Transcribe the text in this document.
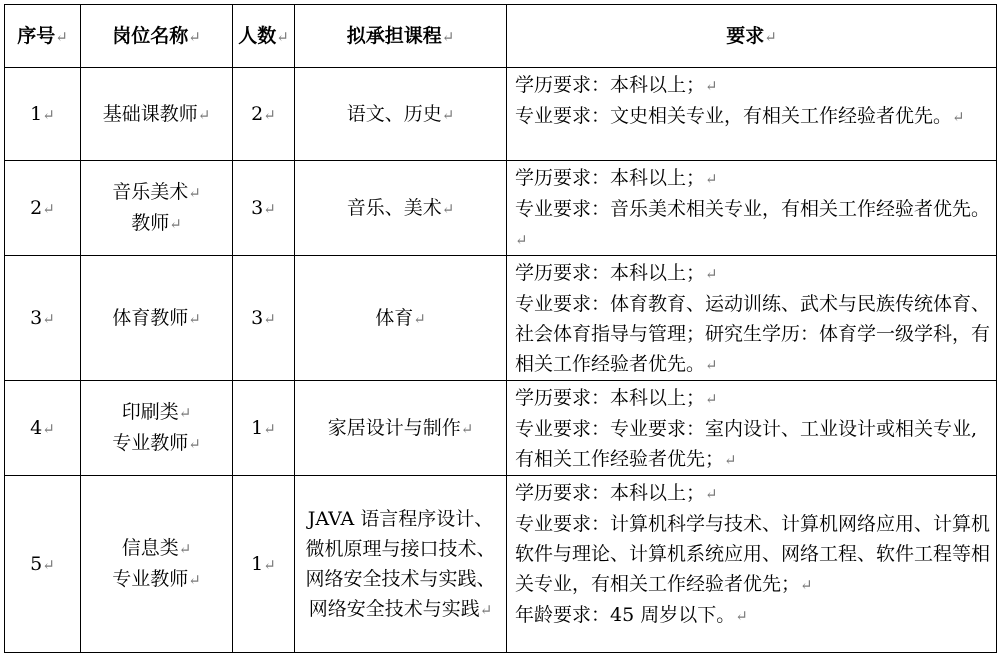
序号↵	岗位名称↵	人数↵	拟承担课程↵	要求↵
1↵	基础课教师↵	2↵	语文、历史↵	学历要求：本科以上；↵
专业要求：文史相关专业，有相关工作经验者优先。↵

2↵	音乐美术↵
教师↵	3↵	音乐、美术↵	学历要求：本科以上；↵
专业要求：音乐美术相关专业，有相关工作经验者优先。↵

3↵	体育教师↵	3↵	体育↵	学历要求：本科以上；↵
专业要求：体育教育、运动训练、武术与民族传统体育、社会体育指导与管理；研究生学历：体育学一级学科，有相关工作经验者优先。↵

4↵	印刷类↵
专业教师↵	1↵	家居设计与制作↵	学历要求：本科以上；↵
专业要求：专业要求：室内设计、工业设计或相关专业,有相关工作经验者优先；↵

5↵	信息类↵
专业教师↵	1↵	JAVA 语言程序设计、微机原理与接口技术、网络安全技术与实践、网络安全技术与实践↵	学历要求：本科以上；↵
专业要求：计算机科学与技术、计算机网络应用、计算机软件与理论、计算机系统应用、网络工程、软件工程等相关专业，有相关工作经验者优先；↵
年龄要求：45 周岁以下。↵
